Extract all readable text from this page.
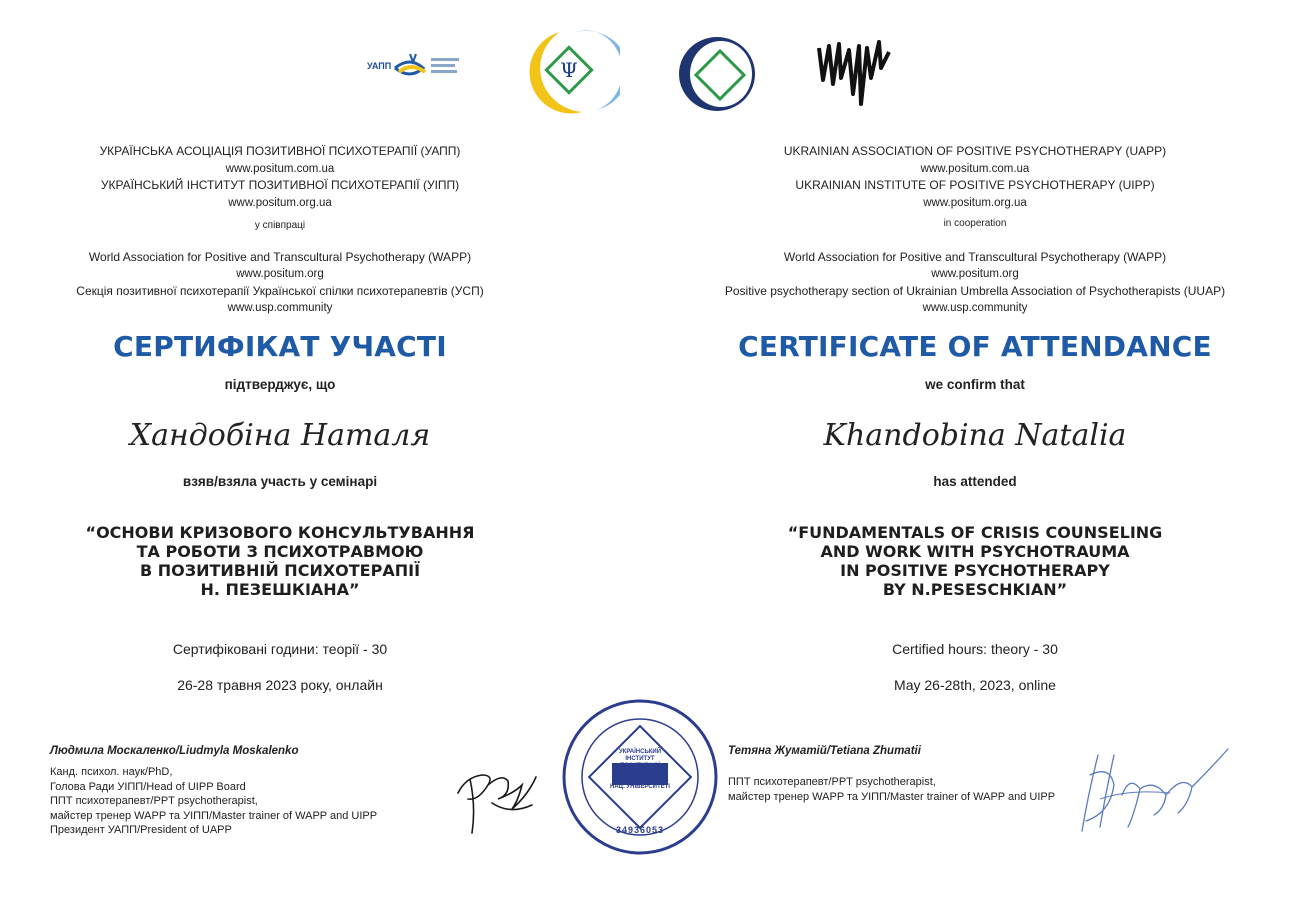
УАПП	Ψ
УКРАЇНСЬКА АСОЦІАЦІЯ ПОЗИТИВНОЇ ПСИХОТЕРАПІЇ (УАПП)
www.positum.com.ua
УКРАЇНСЬКИЙ ІНСТИТУТ ПОЗИТИВНОЇ ПСИХОТЕРАПІЇ (УІПП)
www.positum.org.ua
у співпраці
World Association for Positive and Transcultural Psychotherapy (WAPP)
www.positum.org
Секція позитивної психотерапії Української спілки психотерапевтів (УСП)
www.usp.community
СЕРТИФІКАТ УЧАСТІ
підтверджує, що
Хандобіна Наталя
взяв/взяла участь у семінарі
“ОСНОВИ КРИЗОВОГО КОНСУЛЬТУВАННЯ
ТА РОБОТИ З ПСИХОТРАВМОЮ
В ПОЗИТИВНІЙ ПСИХОТЕРАПІЇ
Н. ПЕЗЕШКІАНА”
Сертифіковані години: теорії - 30
26-28 травня 2023 року, онлайн
UKRAINIAN ASSOCIATION OF POSITIVE PSYCHOTHERAPY (UAPP)
www.positum.com.ua
UKRAINIAN INSTITUTE OF POSITIVE PSYCHOTHERAPY (UIPP)
www.positum.org.ua
in cooperation
World Association for Positive and Transcultural Psychotherapy (WAPP)
www.positum.org
Positive psychotherapy section of Ukrainian Umbrella Association of Psychotherapists (UUAP)
www.usp.community
CERTIFICATE OF ATTENDANCE
we confirm that
Khandobina Natalia
has attended
“FUNDAMENTALS OF CRISIS COUNSELING
AND WORK WITH PSYCHOTRAUMA
IN POSITIVE PSYCHOTHERAPY
BY N.PESESCHKIAN”
Certified hours: theory - 30
May 26-28th, 2023, online
Людмила Москаленко/Liudmyla Moskalenko
Канд. психол. наук/PhD,
Голова Ради УІПП/Head of UIPP Board
ППТ психотерапевт/PPT psychotherapist,
майстер тренер WAPP та УІПП/Master trainer of WAPP and UIPP
Президент УАПП/President of UAPP
УКРАЇНСЬКИЙ
ІНСТИТУТ
ПОЗИТИВНОЇ
ПСИХОТЕРАПІЇ
ПРИ ОДЕСЬКОМУ
НАЦ. УНІВЕРСИТЕТІ
34936053
Тетяна Жуматій/Tetiana Zhumatii
ППТ психотерапевт/PPT psychotherapist,
майстер тренер WAPP та УІПП/Master trainer of WAPP and UIPP
